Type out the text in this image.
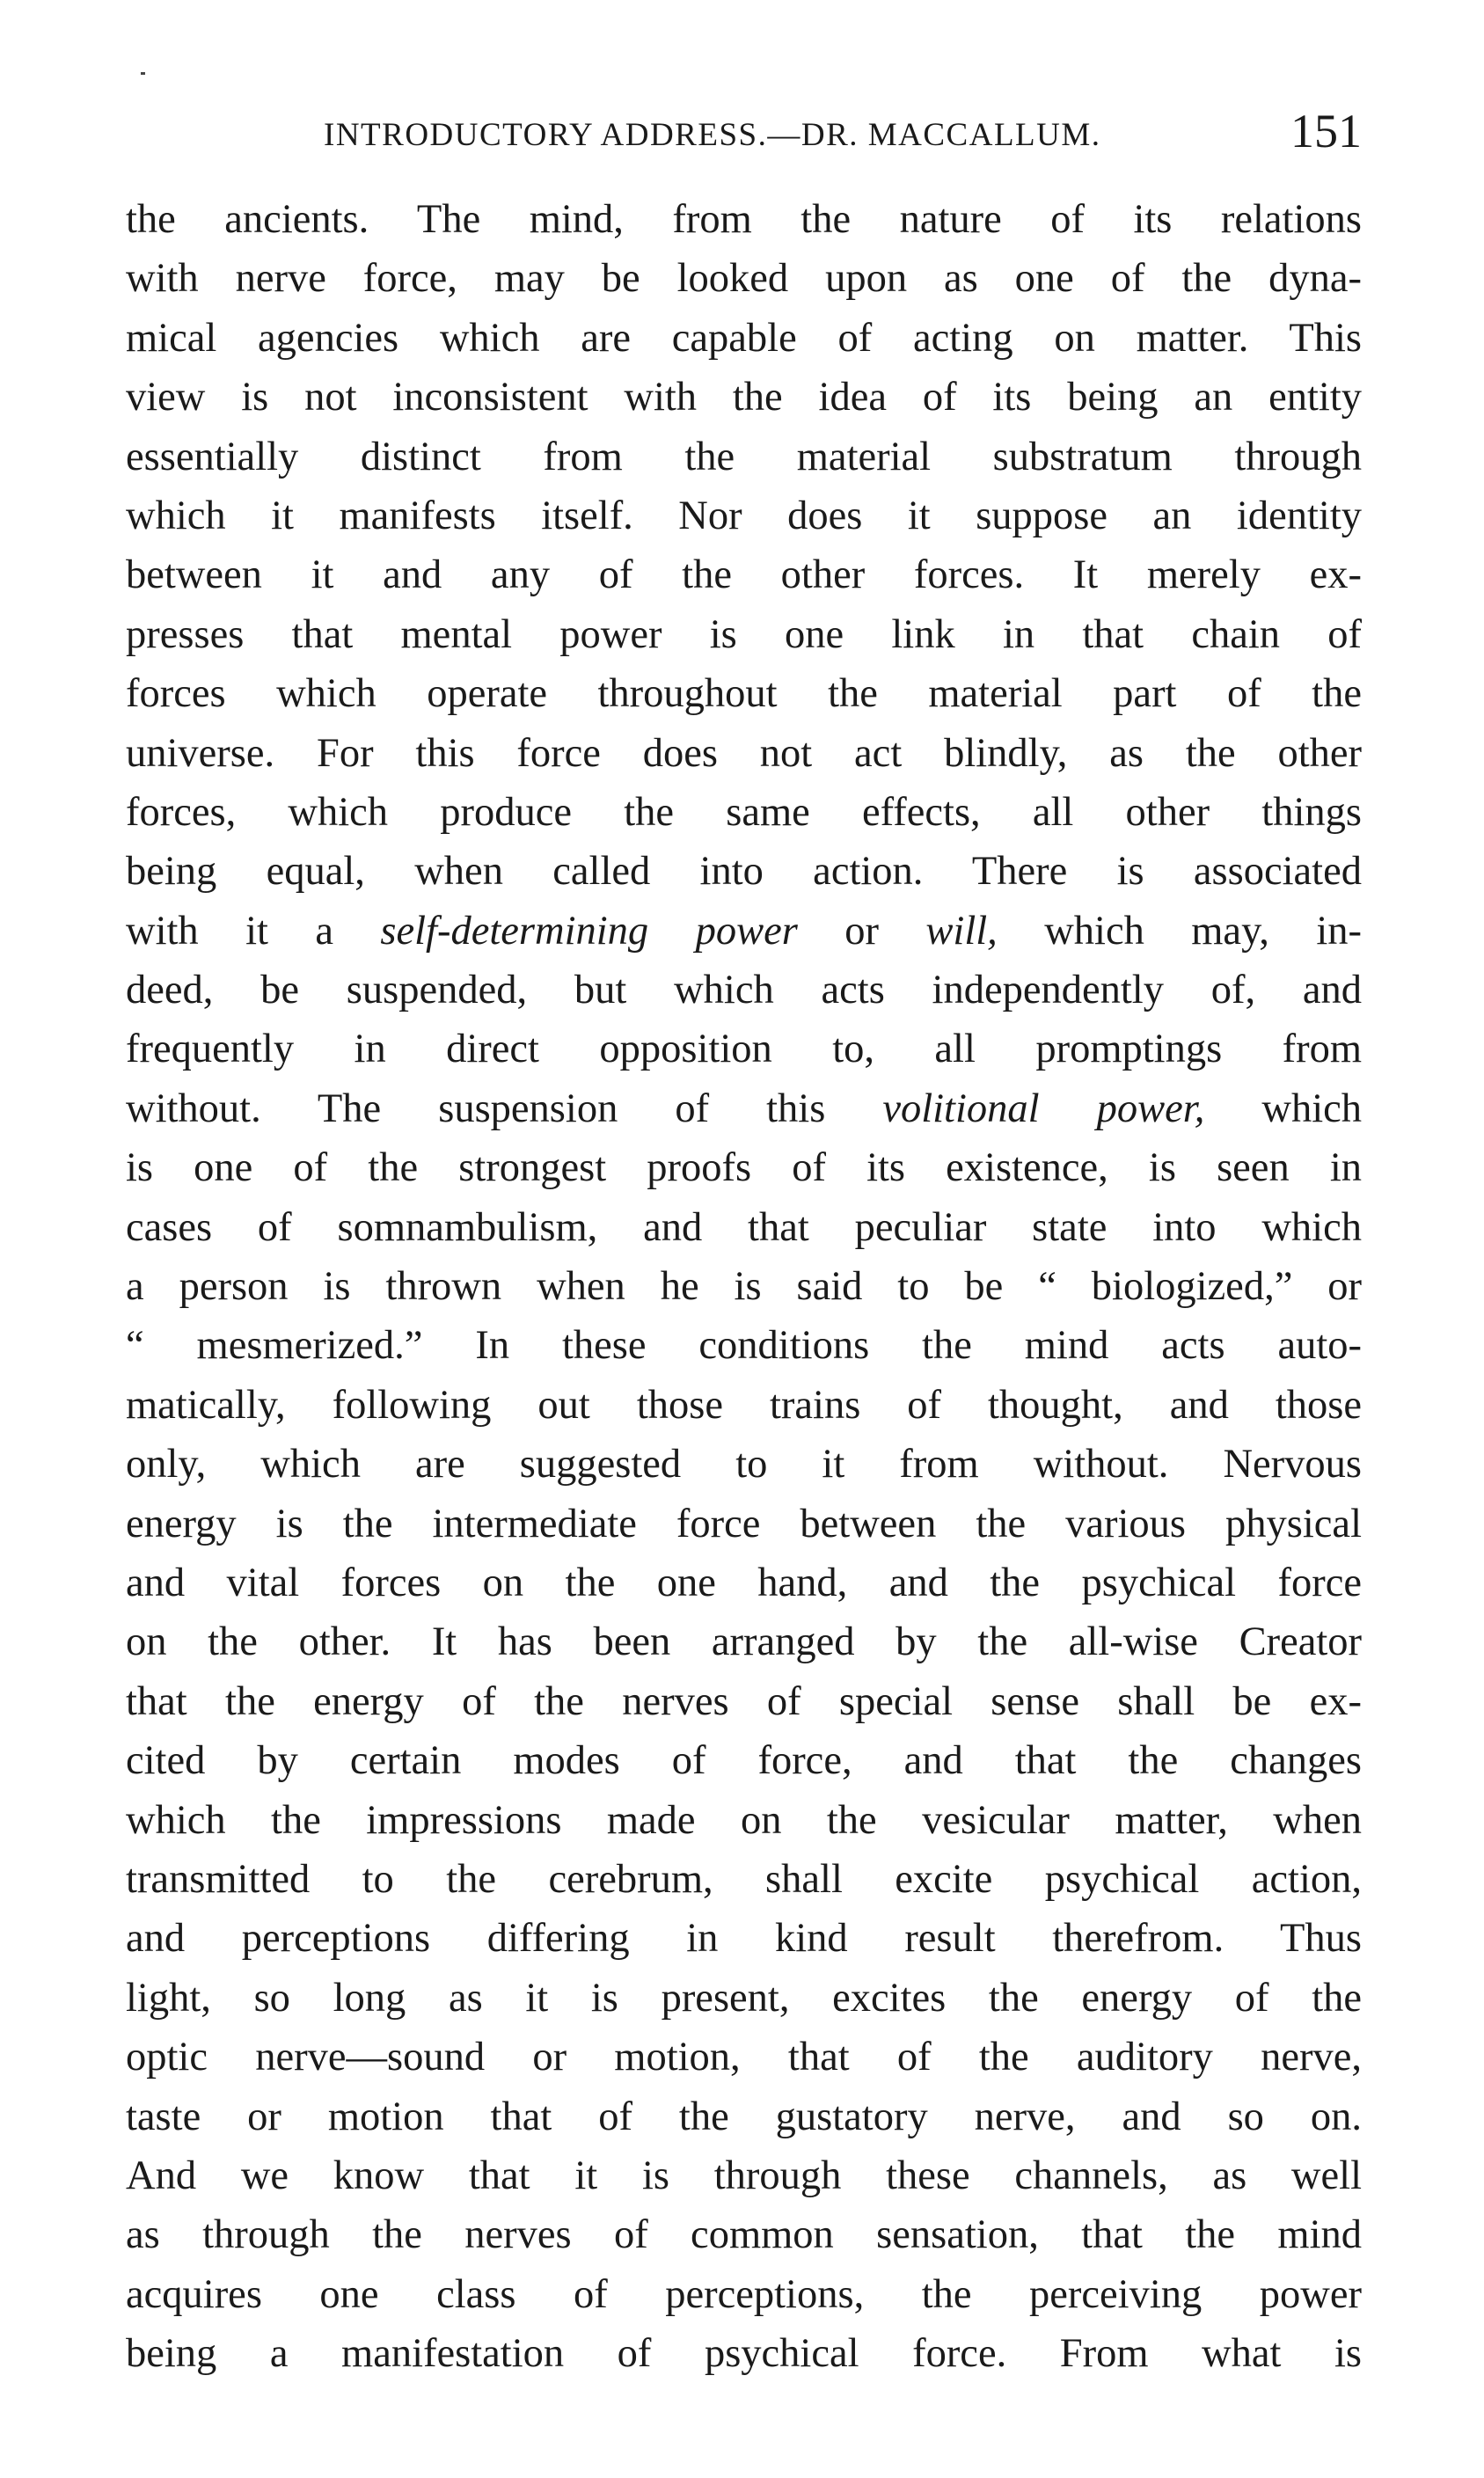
INTRODUCTORY ADDRESS.—DR. MACCALLUM.	151
the ancients. The mind, from the nature of its relations
with nerve force, may be looked upon as one of the dyna-
mical agencies which are capable of acting on matter. This
view is not inconsistent with the idea of its being an entity
essentially distinct from the material substratum through
which it manifests itself. Nor does it suppose an identity
between it and any of the other forces. It merely ex-
presses that mental power is one link in that chain of
forces which operate throughout the material part of the
universe. For this force does not act blindly, as the other
forces, which produce the same effects, all other things
being equal, when called into action. There is associated
with it a self-determining power or will, which may, in-
deed, be suspended, but which acts independently of, and
frequently in direct opposition to, all promptings from
without. The suspension of this volitional power, which
is one of the strongest proofs of its existence, is seen in
cases of somnambulism, and that peculiar state into which
a person is thrown when he is said to be “ biologized,” or
“ mesmerized.” In these conditions the mind acts auto-
matically, following out those trains of thought, and those
only, which are suggested to it from without. Nervous
energy is the intermediate force between the various physical
and vital forces on the one hand, and the psychical force
on the other. It has been arranged by the all-wise Creator
that the energy of the nerves of special sense shall be ex-
cited by certain modes of force, and that the changes
which the impressions made on the vesicular matter, when
transmitted to the cerebrum, shall excite psychical action,
and perceptions differing in kind result therefrom. Thus
light, so long as it is present, excites the energy of the
optic nerve—sound or motion, that of the auditory nerve,
taste or motion that of the gustatory nerve, and so on.
And we know that it is through these channels, as well
as through the nerves of common sensation, that the mind
acquires one class of perceptions, the perceiving power
being a manifestation of psychical force. From what is
